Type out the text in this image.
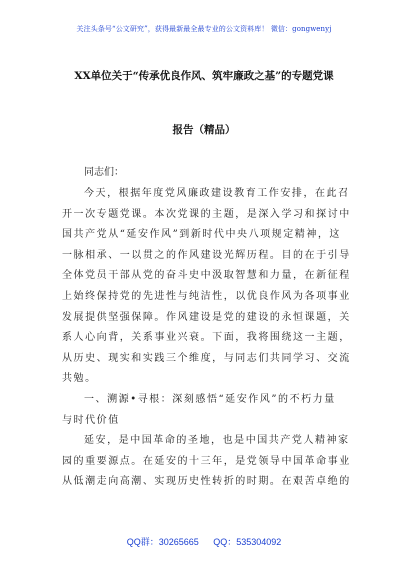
关注头条号“公文研究”，获得最新最全最专业的公文资料库！ 微信：gongwenyj
XX单位关于“传承优良作风、筑牢廉政之基”的专题党课
报告（精品）
同志们：
今天，根据年度党风廉政建设教育工作安排，在此召
开一次专题党课。本次党课的主题，是深入学习和探讨中
国共产党从“延安作风”到新时代中央八项规定精神，这
一脉相承、一以贯之的作风建设光辉历程。目的在于引导
全体党员干部从党的奋斗史中汲取智慧和力量，在新征程
上始终保持党的先进性与纯洁性，以优良作风为各项事业
发展提供坚强保障。作风建设是党的建设的永恒课题，关
系人心向背，关系事业兴衰。下面，我将围绕这一主题，
从历史、现实和实践三个维度，与同志们共同学习、交流
共勉。
一、溯源•寻根：深刻感悟“延安作风”的不朽力量
与时代价值
延安，是中国革命的圣地，也是中国共产党人精神家
园的重要源点。在延安的十三年，是党领导中国革命事业
从低潮走向高潮、实现历史性转折的时期。在艰苦卓绝的
QQ群：30265665 QQ：535304092
